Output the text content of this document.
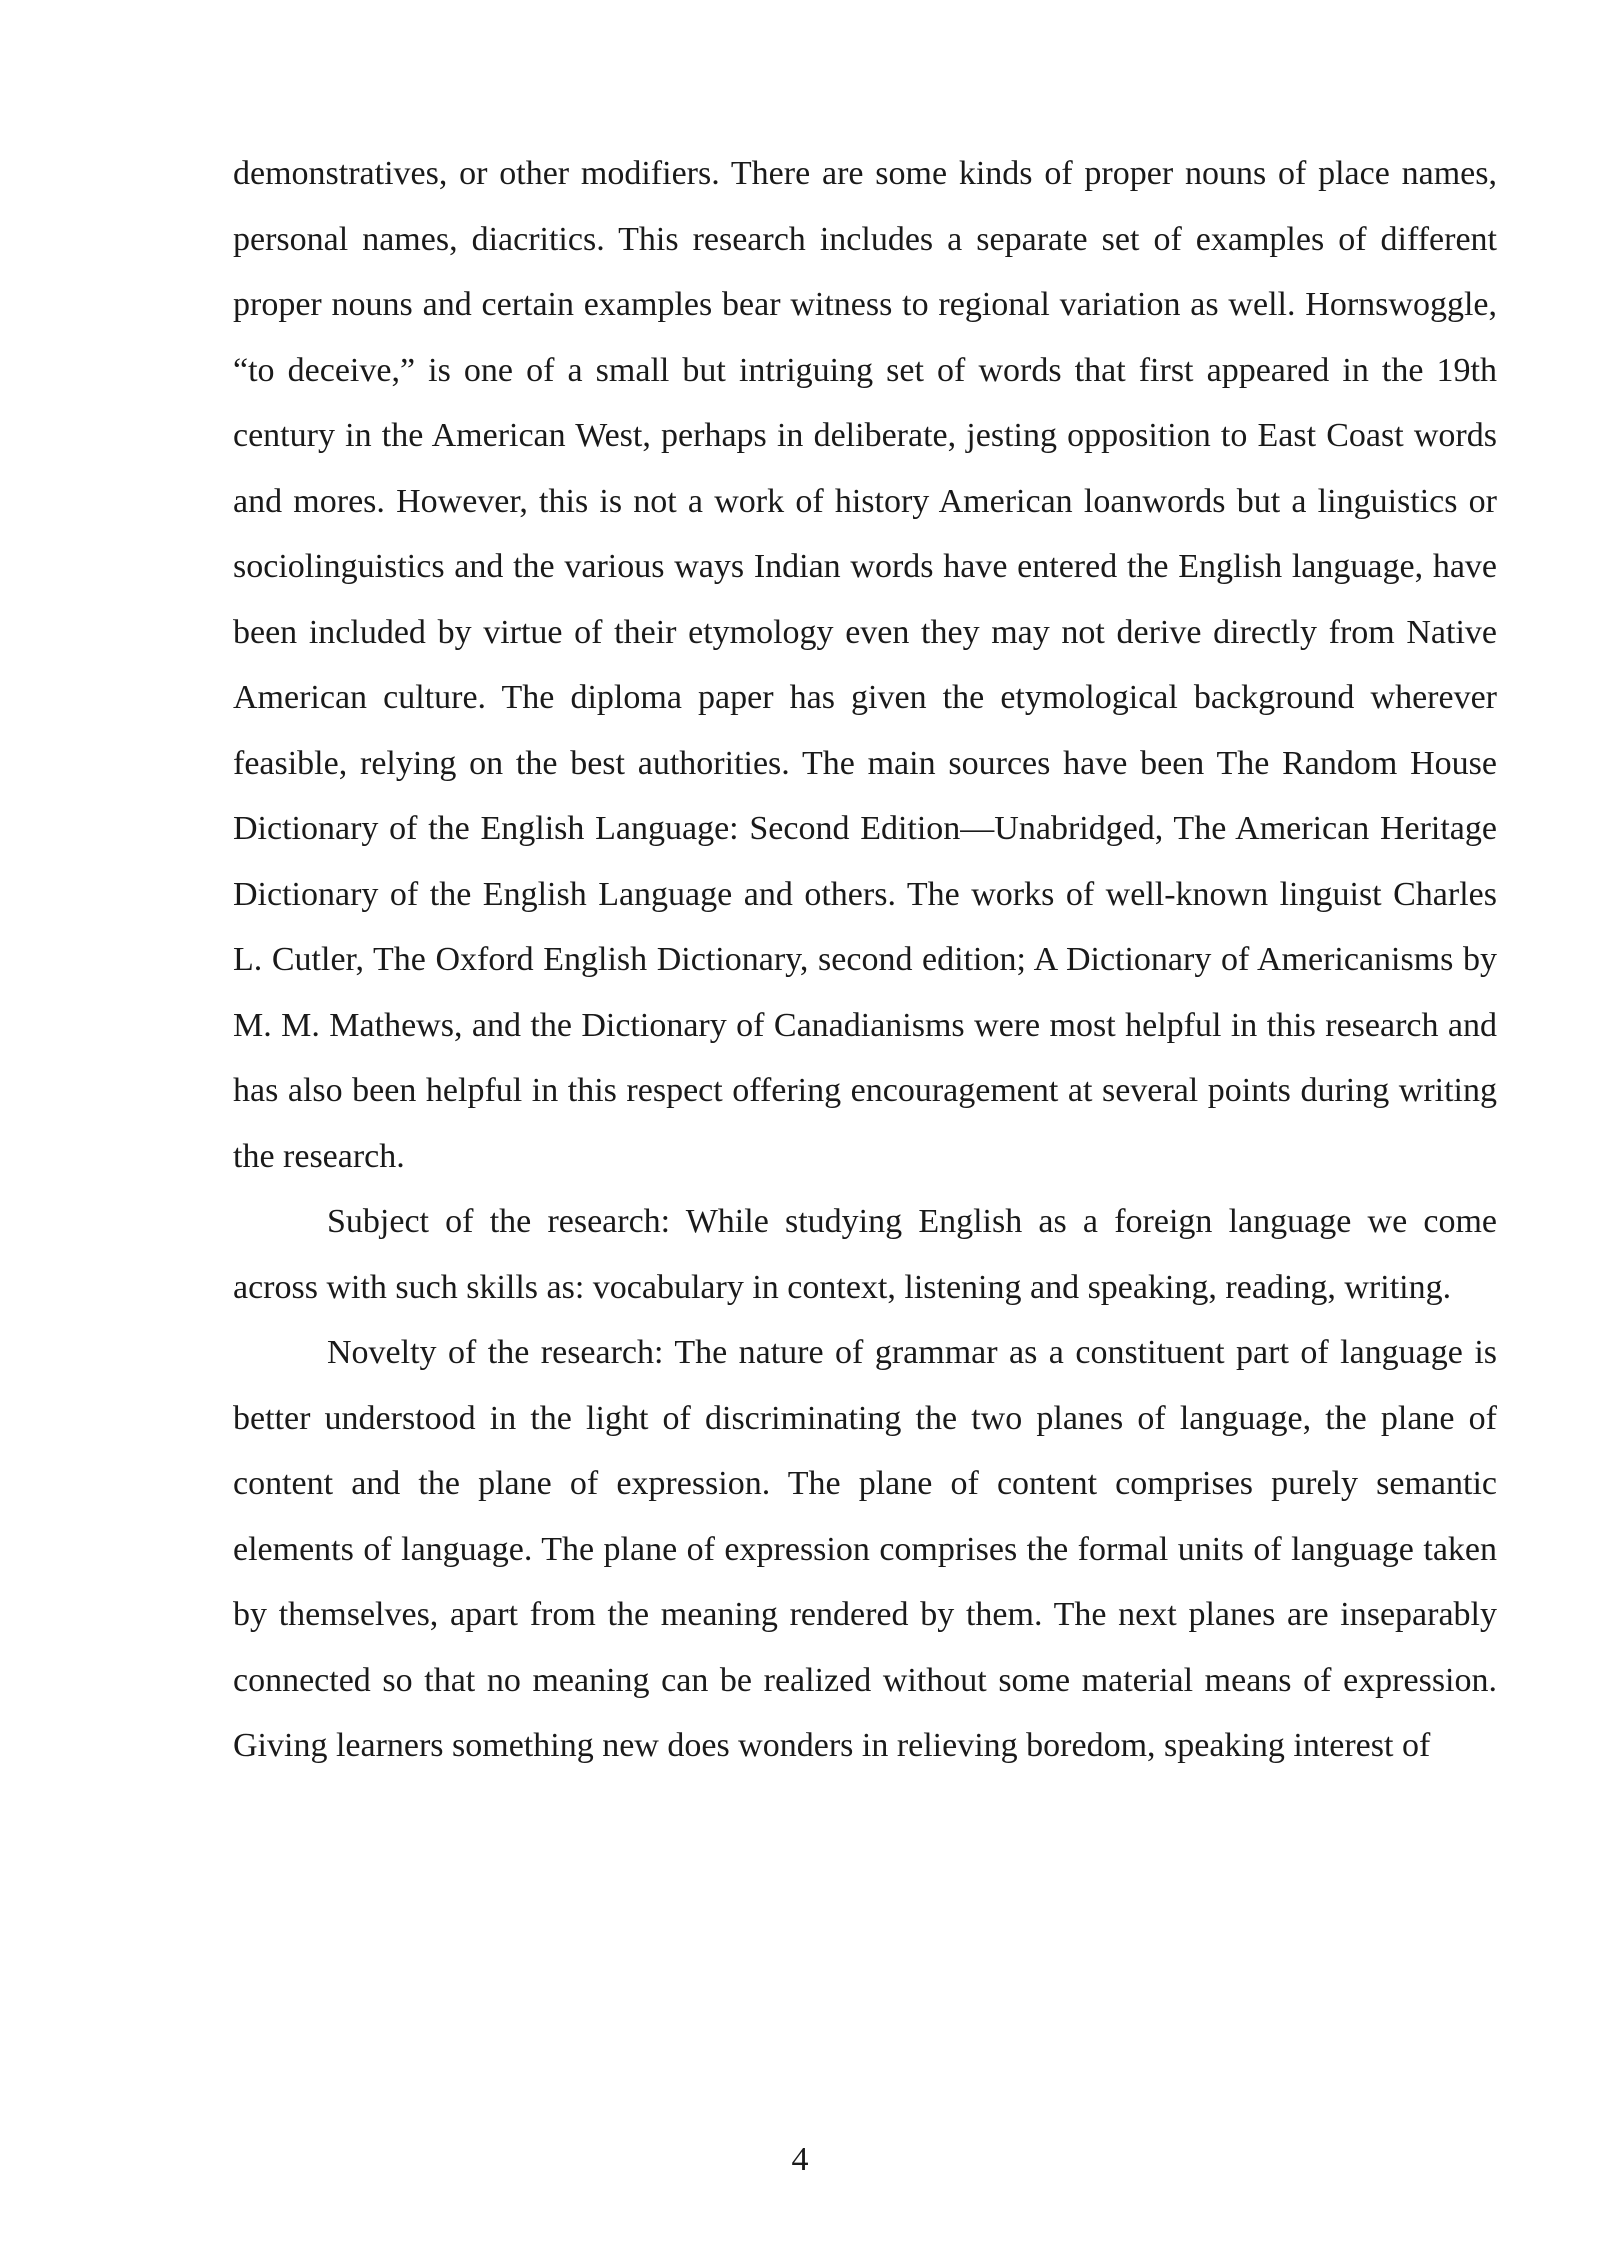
demonstratives, or other modifiers. There are some kinds of proper nouns of place names, personal names, diacritics. This research includes a separate set of examples of different proper nouns and certain examples bear witness to regional variation as well. Hornswoggle, “to deceive,” is one of a small but intriguing set of words that first appeared in the 19th century in the American West, perhaps in deliberate, jesting opposition to East Coast words and mores. However, this is not a work of history American loanwords but a linguistics or sociolinguistics and the various ways Indian words have entered the English language, have been included by virtue of their etymology even they may not derive directly from Native American culture. The diploma paper has given the etymological background wherever feasible, relying on the best authorities. The main sources have been The Random House Dictionary of the English Language: Second Edition—Unabridged, The American Heritage Dictionary of the English Language and others. The works of well-known linguist Charles L. Cutler, The Oxford English Dictionary, second edition; A Dictionary of Americanisms by M. M. Mathews, and the Dictionary of Canadianisms were most helpful in this research and has also been helpful in this respect offering encouragement at several points during writing the research.

Subject of the research: While studying English as a foreign language we come across with such skills as: vocabulary in context, listening and speaking, reading, writing.

Novelty of the research: The nature of grammar as a constituent part of language is better understood in the light of discriminating the two planes of language, the plane of content and the plane of expression. The plane of content comprises purely semantic elements of language. The plane of expression comprises the formal units of language taken by themselves, apart from the meaning rendered by them. The next planes are inseparably connected so that no meaning can be realized without some material means of expression. Giving learners something new does wonders in relieving boredom, speaking interest of

4
